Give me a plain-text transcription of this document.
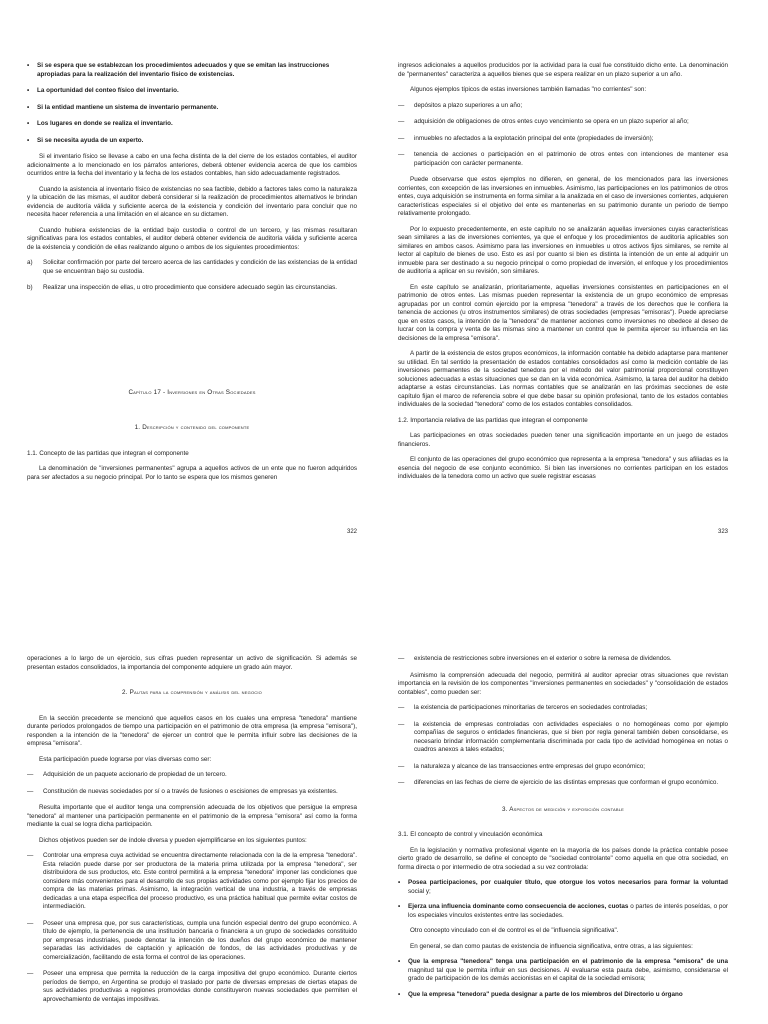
• Si se espera que se establezcan los procedimientos adecuados y que se emitan las instrucciones apropiadas para la realización del inventario físico de existencias.
• La oportunidad del conteo físico del inventario.
• Si la entidad mantiene un sistema de inventario permanente.
• Los lugares en donde se realiza el inventario.
• Si se necesita ayuda de un experto.

Si el inventario físico se llevase a cabo en una fecha distinta de la del cierre de los estados contables, el auditor adicionalmente a lo mencionado en los párrafos anteriores, deberá obtener evidencia acerca de que los cambios ocurridos entre la fecha del inventario y la fecha de los estados contables, han sido adecuadamente registrados.

Cuando la asistencia al inventario físico de existencias no sea factible, debido a factores tales como la naturaleza y la ubicación de las mismas, el auditor deberá considerar si la realización de procedimientos alternativos le brindan evidencia de auditoría válida y suficiente acerca de la existencia y condición del inventario para concluir que no necesita hacer referencia a una limitación en el alcance en su dictamen.

Cuando hubiera existencias de la entidad bajo custodia o control de un tercero, y las mismas resultaran significativas para los estados contables, el auditor deberá obtener evidencia de auditoría válida y suficiente acerca de la existencia y condición de ellas realizando alguno o ambos de los siguientes procedimientos:

a) Solicitar confirmación por parte del tercero acerca de las cantidades y condición de las existencias de la entidad que se encuentran bajo su custodia.
b) Realizar una inspección de ellas, u otro procedimiento que considere adecuado según las circunstancias.

Capítulo 17 - Inversiones en Otras Sociedades

1. Descripción y contenido del componente

1.1. Concepto de las partidas que integran el componente

La denominación de "inversiones permanentes" agrupa a aquellos activos de un ente que no fueron adquiridos para ser afectados a su negocio principal. Por lo tanto se espera que los mismos generen

322

ingresos adicionales a aquellos producidos por la actividad para la cual fue constituido dicho ente. La denominación de "permanentes" caracteriza a aquellos bienes que se espera realizar en un plazo superior a un año.

Algunos ejemplos típicos de estas inversiones también llamadas "no corrientes" son:

— depósitos a plazo superiores a un año;
— adquisición de obligaciones de otros entes cuyo vencimiento se opera en un plazo superior al año;
— inmuebles no afectados a la explotación principal del ente (propiedades de inversión);
— tenencia de acciones o participación en el patrimonio de otros entes con intenciones de mantener esa participación con carácter permanente.

Puede observarse que estos ejemplos no difieren, en general, de los mencionados para las inversiones corrientes, con excepción de las inversiones en inmuebles. Asimismo, las participaciones en los patrimonios de otros entes, cuya adquisición se instrumenta en forma similar a la analizada en el caso de inversiones corrientes, adquieren características especiales si el objetivo del ente es mantenerlas en su patrimonio durante un periodo de tiempo relativamente prolongado.

Por lo expuesto precedentemente, en este capítulo no se analizarán aquellas inversiones cuyas características sean similares a las de inversiones corrientes, ya que el enfoque y los procedimientos de auditoría aplicables son similares en ambos casos. Asimismo para las inversiones en inmuebles u otros activos fijos similares, se remite al lector al capítulo de bienes de uso. Esto es así por cuanto si bien es distinta la intención de un ente al adquirir un inmueble para ser destinado a su negocio principal o como propiedad de inversión, el enfoque y los procedimientos de auditoría a aplicar en su revisión, son similares.

En este capítulo se analizarán, prioritariamente, aquellas inversiones consistentes en participaciones en el patrimonio de otros entes. Las mismas pueden representar la existencia de un grupo económico de empresas agrupadas por un control común ejercido por la empresa "tenedora" a través de los derechos que le confiera la tenencia de acciones (u otros instrumentos similares) de otras sociedades (empresas "emisoras"). Puede apreciarse que en estos casos, la intención de la "tenedora" de mantener acciones como inversiones no obedece al deseo de lucrar con la compra y venta de las mismas sino a mantener un control que le permita ejercer su influencia en las decisiones de la empresa "emisora".

A partir de la existencia de estos grupos económicos, la información contable ha debido adaptarse para mantener su utilidad. En tal sentido la presentación de estados contables consolidados así como la medición contable de las inversiones permanentes de la sociedad tenedora por el método del valor patrimonial proporcional constituyen soluciones adecuadas a estas situaciones que se dan en la vida económica. Asimismo, la tarea del auditor ha debido adaptarse a estas circunstancias. Las normas contables que se analizarán en las próximas secciones de este capítulo fijan el marco de referencia sobre el que debe basar su opinión profesional, tanto de los estados contables individuales de la sociedad "tenedora" como de los estados contables consolidados.

1.2. Importancia relativa de las partidas que integran el componente

Las participaciones en otras sociedades pueden tener una significación importante en un juego de estados financieros.

El conjunto de las operaciones del grupo económico que representa a la empresa "tenedora" y sus afiliadas es la esencia del negocio de ese conjunto económico. Si bien las inversiones no corrientes participan en los estados individuales de la tenedora como un activo que suele registrar escasas

323

operaciones a lo largo de un ejercicio, sus cifras pueden representar un activo de significación. Si además se presentan estados consolidados, la importancia del componente adquiere un grado aún mayor.

2. Pautas para la comprensión y análisis del negocio

En la sección precedente se mencionó que aquellos casos en los cuales una empresa "tenedora" mantiene durante períodos prolongados de tiempo una participación en el patrimonio de otra empresa (la empresa "emisora"), responden a la intención de la "tenedora" de ejercer un control que le permita influir sobre las decisiones de la empresa "emisora".

Esta participación puede lograrse por vías diversas como ser:

— Adquisición de un paquete accionario de propiedad de un tercero.
— Constitución de nuevas sociedades por sí o a través de fusiones o escisiones de empresas ya existentes.

Resulta importante que el auditor tenga una comprensión adecuada de los objetivos que persigue la empresa "tenedora" al mantener una participación permanente en el patrimonio de la empresa "emisora" así como la forma mediante la cual se logra dicha participación.

Dichos objetivos pueden ser de índole diversa y pueden ejemplificarse en los siguientes puntos:

— Controlar una empresa cuya actividad se encuentra directamente relacionada con la de la empresa "tenedora". Esta relación puede darse por ser productora de la materia prima utilizada por la empresa "tenedora", ser distribuidora de sus productos, etc. Este control permitirá a la empresa "tenedora" imponer las condiciones que considere más convenientes para el desarrollo de sus propias actividades como por ejemplo fijar los precios de compra de las materias primas. Asimismo, la integración vertical de una industria, a través de empresas dedicadas a una etapa específica del proceso productivo, es una práctica habitual que permite evitar costos de intermediación.
— Poseer una empresa que, por sus características, cumpla una función especial dentro del grupo económico. A título de ejemplo, la pertenencia de una institución bancaria o financiera a un grupo de sociedades constituido por empresas industriales, puede denotar la intención de los dueños del grupo económico de mantener separadas las actividades de captación y aplicación de fondos, de las actividades productivas y de comercialización, facilitando de esta forma el control de las operaciones.
— Poseer una empresa que permita la reducción de la carga impositiva del grupo económico. Durante ciertos períodos de tiempo, en Argentina se produjo el traslado por parte de diversas empresas de ciertas etapas de sus actividades productivas a regiones promovidas donde constituyeron nuevas sociedades que permiten el aprovechamiento de ventajas impositivas.
— existencia de restricciones sobre inversiones en el exterior o sobre la remesa de dividendos.

Asimismo la comprensión adecuada del negocio, permitirá al auditor apreciar otras situaciones que revistan importancia en la revisión de los componentes "inversiones permanentes en sociedades" y "consolidación de estados contables", como pueden ser:

— la existencia de participaciones minoritarias de terceros en sociedades controladas;
— la existencia de empresas controladas con actividades especiales o no homogéneas como por ejemplo compañías de seguros o entidades financieras, que si bien por regla general también deben consolidarse, es necesario brindar información complementaria discriminada por cada tipo de actividad homogénea en notas o cuadros anexos a tales estados;
— la naturaleza y alcance de las transacciones entre empresas del grupo económico;
— diferencias en las fechas de cierre de ejercicio de las distintas empresas que conforman el grupo económico.

3. Aspectos de medición y exposición contable

3.1. El concepto de control y vinculación económica

En la legislación y normativa profesional vigente en la mayoría de los países donde la práctica contable posee cierto grado de desarrollo, se define el concepto de "sociedad controlante" como aquella en que otra sociedad, en forma directa o por intermedio de otra sociedad a su vez controlada:

• Posea participaciones, por cualquier título, que otorgue los votos necesarios para formar la voluntad social y;
• Ejerza una influencia dominante como consecuencia de acciones, cuotas o partes de interés poseídas, o por los especiales vínculos existentes entre las sociedades.

Otro concepto vinculado con el de control es el de "influencia significativa".

En general, se dan como pautas de existencia de influencia significativa, entre otras, a las siguientes:

• Que la empresa "tenedora" tenga una participación en el patrimonio de la empresa "emisora" de una magnitud tal que le permita influir en sus decisiones. Al evaluarse esta pauta debe, asimismo, considerarse el grado de participación de los demás accionistas en el capital de la sociedad emisora;
• Que la empresa "tenedora" pueda designar a parte de los miembros del Directorio u órgano
